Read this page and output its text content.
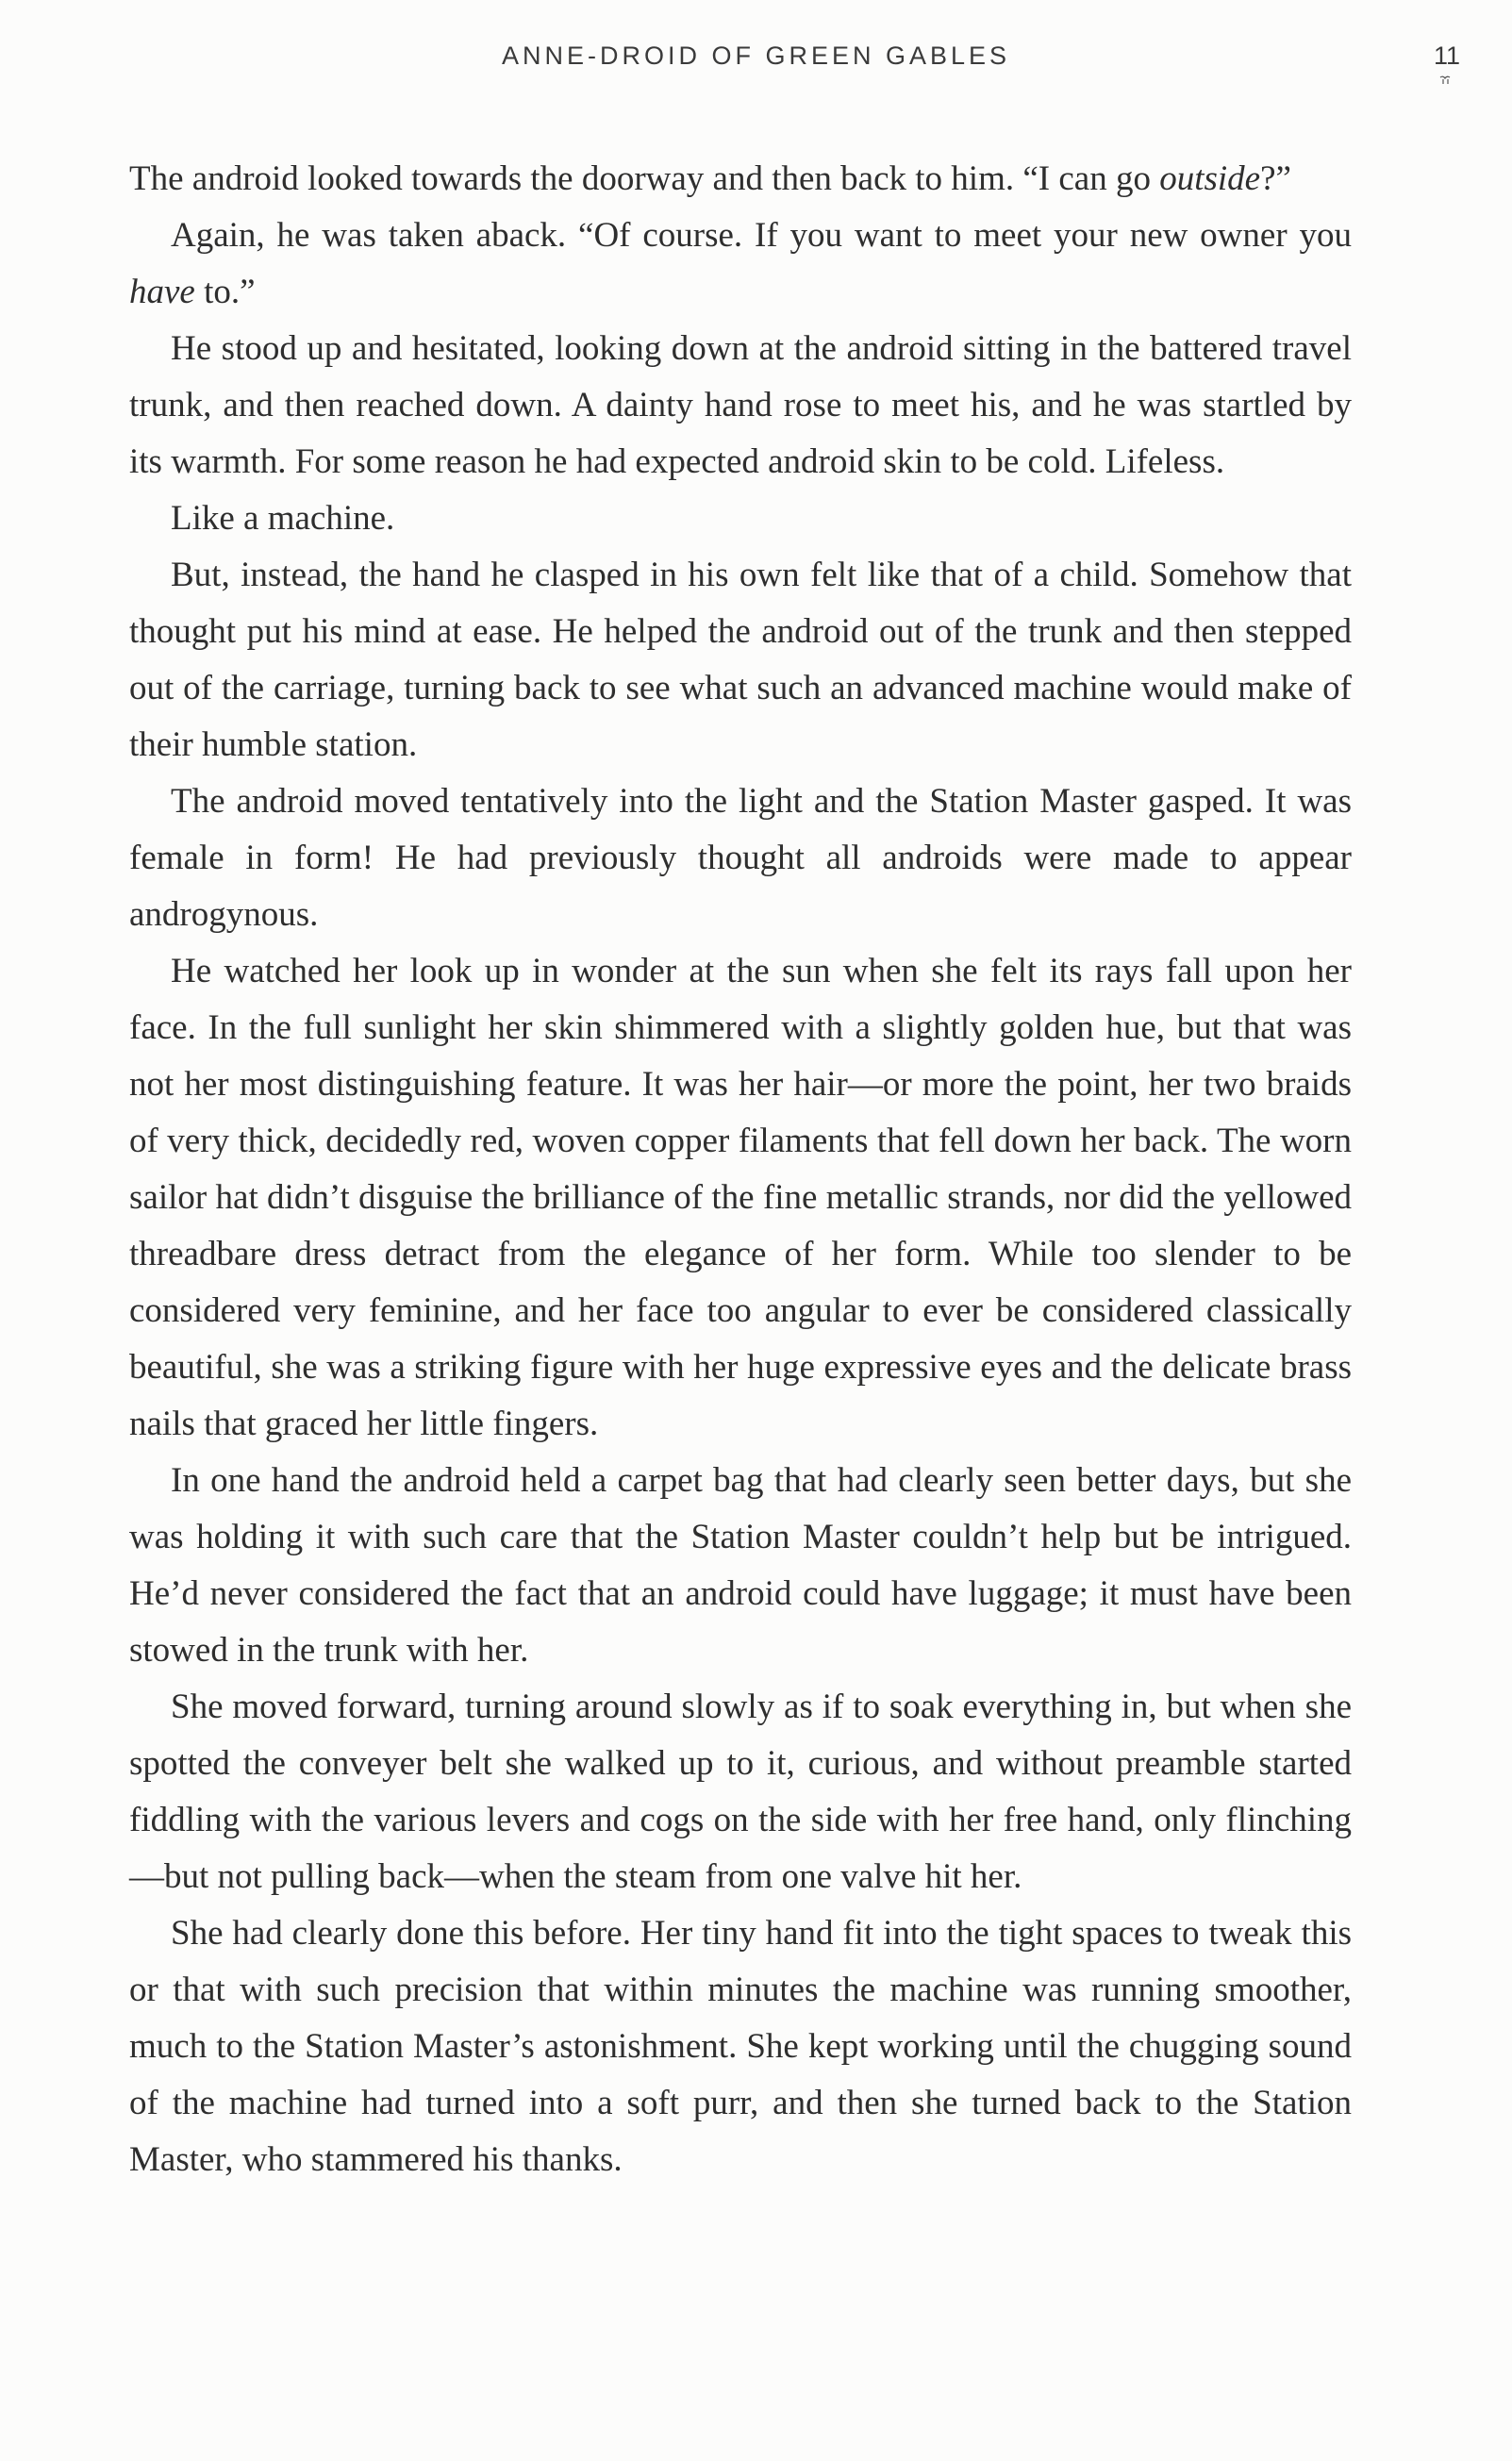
ANNE-DROID OF GREEN GABLES	11

The android looked towards the doorway and then back to him. “I can go outside?”

Again, he was taken aback. “Of course. If you want to meet your new owner you have to.”

He stood up and hesitated, looking down at the android sitting in the battered travel trunk, and then reached down. A dainty hand rose to meet his, and he was startled by its warmth. For some reason he had expected android skin to be cold. Lifeless.

Like a machine.

But, instead, the hand he clasped in his own felt like that of a child. Somehow that thought put his mind at ease. He helped the android out of the trunk and then stepped out of the carriage, turning back to see what such an advanced machine would make of their humble station.

The android moved tentatively into the light and the Station Master gasped. It was female in form! He had previously thought all androids were made to appear androgynous.

He watched her look up in wonder at the sun when she felt its rays fall upon her face. In the full sunlight her skin shimmered with a slightly golden hue, but that was not her most distinguishing feature. It was her hair—or more the point, her two braids of very thick, decidedly red, woven copper filaments that fell down her back. The worn sailor hat didn’t disguise the brilliance of the fine metallic strands, nor did the yellowed threadbare dress detract from the elegance of her form. While too slender to be considered very feminine, and her face too angular to ever be considered classically beautiful, she was a striking figure with her huge expressive eyes and the delicate brass nails that graced her little fingers.

In one hand the android held a carpet bag that had clearly seen better days, but she was holding it with such care that the Station Master couldn’t help but be intrigued. He’d never considered the fact that an android could have luggage; it must have been stowed in the trunk with her.

She moved forward, turning around slowly as if to soak everything in, but when she spotted the conveyer belt she walked up to it, curious, and without preamble started fiddling with the various levers and cogs on the side with her free hand, only flinching—but not pulling back—when the steam from one valve hit her.

She had clearly done this before. Her tiny hand fit into the tight spaces to tweak this or that with such precision that within minutes the machine was running smoother, much to the Station Master’s astonishment. She kept working until the chugging sound of the machine had turned into a soft purr, and then she turned back to the Station Master, who stammered his thanks.
